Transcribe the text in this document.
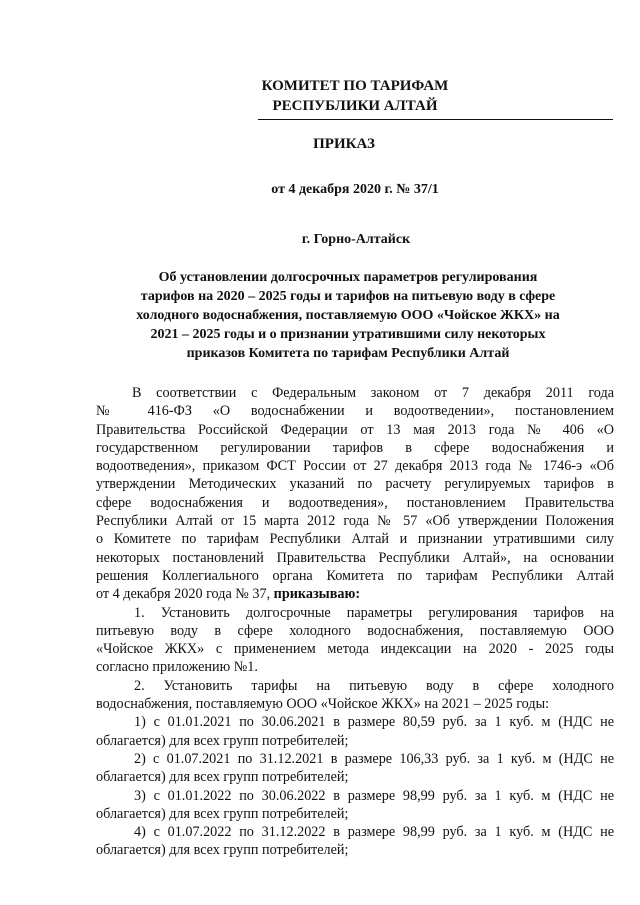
КОМИТЕТ ПО ТАРИФАМ
РЕСПУБЛИКИ АЛТАЙ
ПРИКАЗ
от 4 декабря 2020 г. № 37/1
г. Горно-Алтайск
Об установлении долгосрочных параметров регулирования
тарифов на 2020 – 2025 годы и тарифов на питьевую воду в сфере
холодного водоснабжения, поставляемую ООО «Чойское ЖКХ» на
2021 – 2025 годы и о признании утратившими силу некоторых
приказов Комитета по тарифам Республики Алтай
В соответствии с Федеральным законом от 7 декабря 2011 года
№ 416-ФЗ «О водоснабжении и водоотведении», постановлением
Правительства Российской Федерации от 13 мая 2013 года № 406 «О
государственном регулировании тарифов в сфере водоснабжения и
водоотведения», приказом ФСТ России от 27 декабря 2013 года № 1746-э «Об
утверждении Методических указаний по расчету регулируемых тарифов в
сфере водоснабжения и водоотведения», постановлением Правительства
Республики Алтай от 15 марта 2012 года № 57 «Об утверждении Положения
о Комитете по тарифам Республики Алтай и признании утратившими силу
некоторых постановлений Правительства Республики Алтай», на основании
решения Коллегиального органа Комитета по тарифам Республики Алтай
от 4 декабря 2020 года № 37, приказываю:
1. Установить долгосрочные параметры регулирования тарифов на
питьевую воду в сфере холодного водоснабжения, поставляемую ООО
«Чойское ЖКХ» с применением метода индексации на 2020 - 2025 годы
согласно приложению №1.
2. Установить тарифы на питьевую воду в сфере холодного
водоснабжения, поставляемую ООО «Чойское ЖКХ» на 2021 – 2025 годы:
1) с 01.01.2021 по 30.06.2021 в размере 80,59 руб. за 1 куб. м (НДС не
облагается) для всех групп потребителей;
2) с 01.07.2021 по 31.12.2021 в размере 106,33 руб. за 1 куб. м (НДС не
облагается) для всех групп потребителей;
3) с 01.01.2022 по 30.06.2022 в размере 98,99 руб. за 1 куб. м (НДС не
облагается) для всех групп потребителей;
4) с 01.07.2022 по 31.12.2022 в размере 98,99 руб. за 1 куб. м (НДС не
облагается) для всех групп потребителей;
